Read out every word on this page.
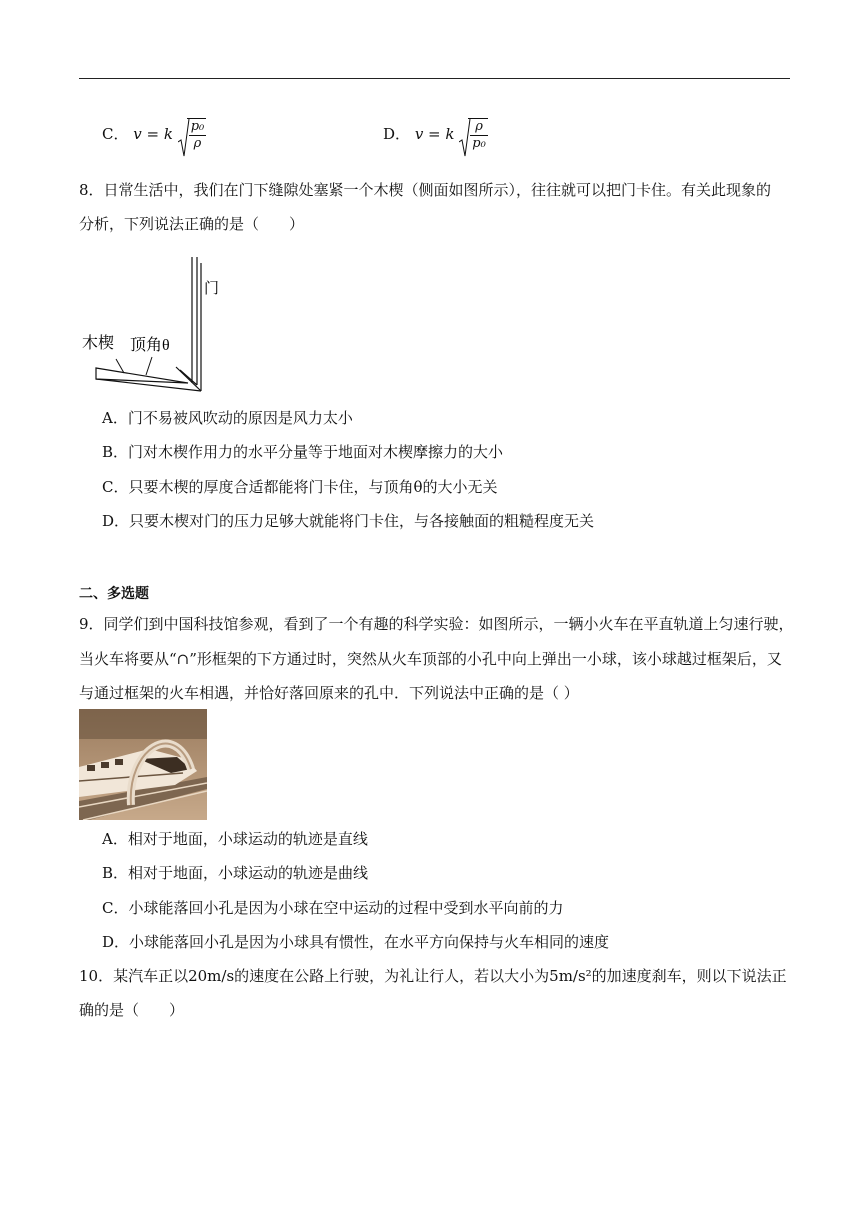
C． v = k $\frac{\text{p₀}}{\rho}$	D． v = k $\frac{\rho}{\text{p₀}}$
8．日常生活中，我们在门下缝隙处塞紧一个木楔（侧面如图所示），往往就可以把门卡住。有关此现象的
分析，下列说法正确的是（　　）
门
木楔 顶角θ
A．门不易被风吹动的原因是风力太小
B．门对木楔作用力的水平分量等于地面对木楔摩擦力的大小
C．只要木楔的厚度合适都能将门卡住，与顶角θ的大小无关
D．只要木楔对门的压力足够大就能将门卡住，与各接触面的粗糙程度无关
二、多选题
9．同学们到中国科技馆参观，看到了一个有趣的科学实验：如图所示，一辆小火车在平直轨道上匀速行驶，
当火车将要从“∩”形框架的下方通过时，突然从火车顶部的小孔中向上弹出一小球，该小球越过框架后，又
与通过框架的火车相遇，并恰好落回原来的孔中．下列说法中正确的是（ ）
A．相对于地面，小球运动的轨迹是直线
B．相对于地面，小球运动的轨迹是曲线
C．小球能落回小孔是因为小球在空中运动的过程中受到水平向前的力
D．小球能落回小孔是因为小球具有惯性，在水平方向保持与火车相同的速度
10．某汽车正以20m/s的速度在公路上行驶，为礼让行人，若以大小为5m/s²的加速度刹车，则以下说法正
确的是（　　）
